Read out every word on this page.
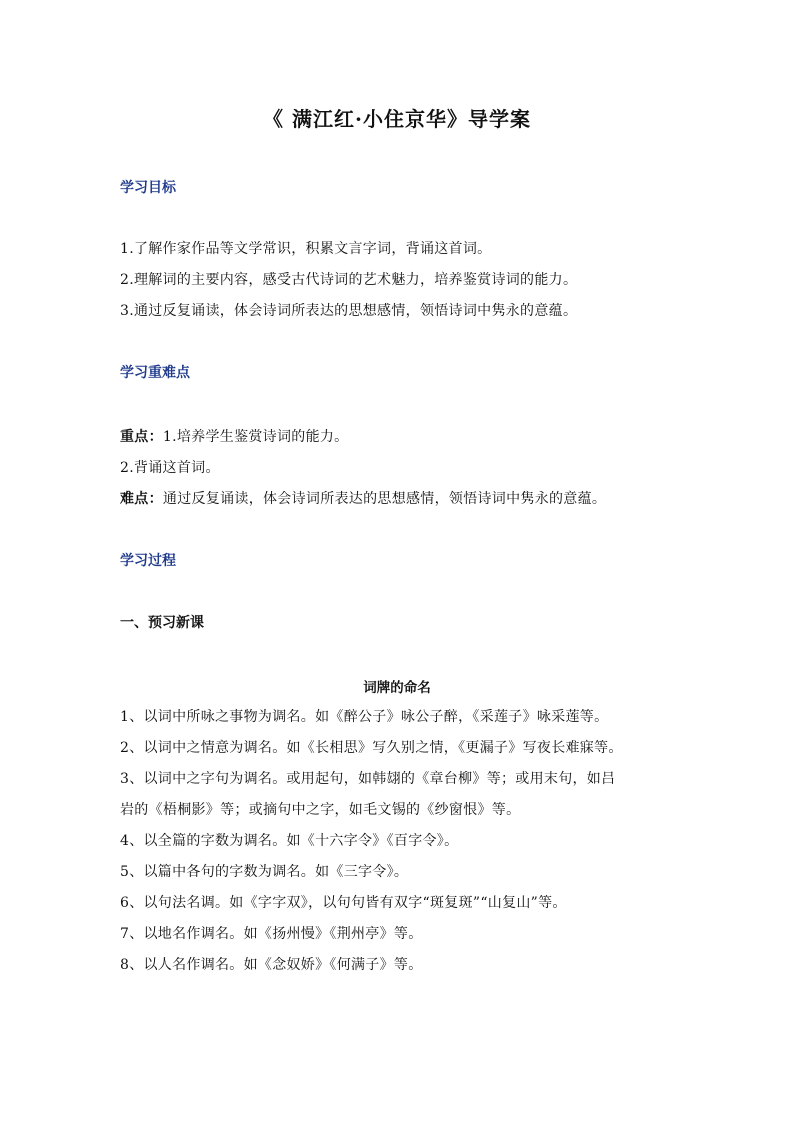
《 满江红·小住京华》导学案
学习目标
1.了解作家作品等文学常识，积累文言字词，背诵这首词。
2.理解词的主要内容，感受古代诗词的艺术魅力，培养鉴赏诗词的能力。
3.通过反复诵读，体会诗词所表达的思想感情，领悟诗词中隽永的意蕴。
学习重难点
重点：1.培养学生鉴赏诗词的能力。
2.背诵这首词。
难点：通过反复诵读，体会诗词所表达的思想感情，领悟诗词中隽永的意蕴。
学习过程
一、预习新课
词牌的命名
1、以词中所咏之事物为调名。如《醉公子》咏公子醉，《采莲子》咏采莲等。
2、以词中之情意为调名。如《长相思》写久别之情，《更漏子》写夜长难寐等。
3、以词中之字句为调名。或用起句，如韩翃的《章台柳》等；或用末句，如吕
岩的《梧桐影》等；或摘句中之字，如毛文锡的《纱窗恨》等。
4、以全篇的字数为调名。如《十六字令》《百字令》。
5、以篇中各句的字数为调名。如《三字令》。
6、以句法名调。如《字字双》，以句句皆有双字“斑复斑”“山复山”等。
7、以地名作调名。如《扬州慢》《荆州亭》等。
8、以人名作调名。如《念奴娇》《何满子》等。
